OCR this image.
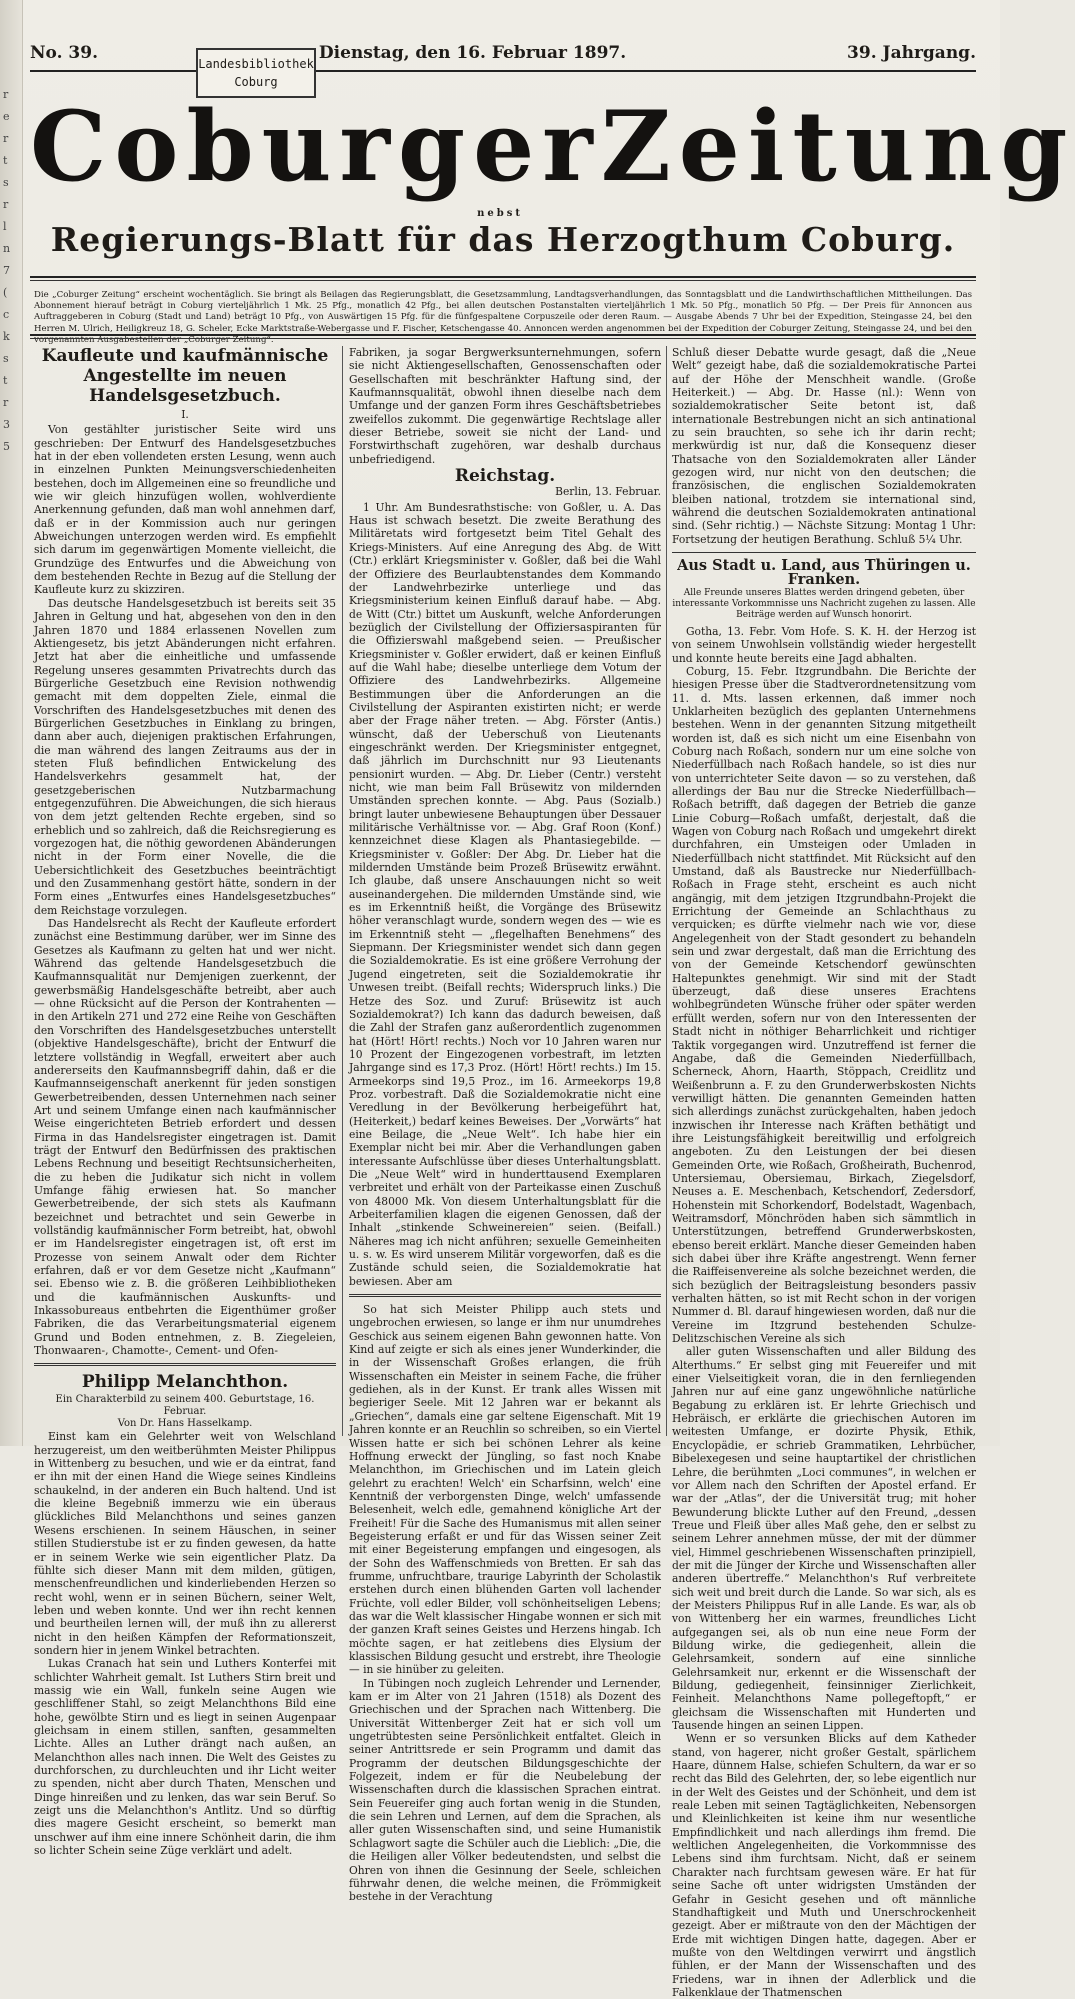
r
e
r
t
s
r
l
n
7
(
c
k
s
t
r
3
5
No. 39.	Dienstag, den 16. Februar 1897.	39. Jahrgang.
Landesbibliothek
Coburg
Coburger Zeitung
nebst
Regierungs-Blatt für das Herzogthum Coburg.
Die „Coburger Zeitung“ erscheint wochentäglich. Sie bringt als Beilagen das Regierungsblatt, die Gesetzsammlung, Landtagsverhandlungen, das Sonntagsblatt und die Landwirthschaftlichen Mittheilungen. Das Abonnement hierauf beträgt in Coburg vierteljährlich 1 Mk. 25 Pfg., monatlich 42 Pfg., bei allen deutschen Postanstalten vierteljährlich 1 Mk. 50 Pfg., monatlich 50 Pfg. — Der Preis für Annoncen aus Auftraggeberen in Coburg (Stadt und Land) beträgt 10 Pfg., von Auswärtigen 15 Pfg. für die fünfgespaltene Corpuszeile oder deren Raum. — Ausgabe Abends 7 Uhr bei der Expedition, Steingasse 24, bei den Herren M. Ulrich, Heiligkreuz 18, G. Scheler, Ecke Marktstraße-Webergasse und F. Fischer, Ketschengasse 40. Annoncen werden angenommen bei der Expedition der Coburger Zeitung, Steingasse 24, und bei den vorgenannten Ausgabestellen der „Coburger Zeitung“.
Kaufleute und kaufmännische Angestellte im neuen Handelsgesetzbuch.
I.

Von gestählter juristischer Seite wird uns geschrieben: Der Entwurf des Handelsgesetzbuches hat in der eben vollendeten ersten Lesung, wenn auch in einzelnen Punkten Meinungsverschiedenheiten bestehen, doch im Allgemeinen eine so freundliche und wie wir gleich hinzufügen wollen, wohlverdiente Anerkennung gefunden, daß man wohl annehmen darf, daß er in der Kommission auch nur geringen Abweichungen unterzogen werden wird. Es empfiehlt sich darum im gegenwärtigen Momente vielleicht, die Grundzüge des Entwurfes und die Abweichung von dem bestehenden Rechte in Bezug auf die Stellung der Kaufleute kurz zu skizziren.

Das deutsche Handelsgesetzbuch ist bereits seit 35 Jahren in Geltung und hat, abgesehen von den in den Jahren 1870 und 1884 erlassenen Novellen zum Aktiengesetz, bis jetzt Abänderungen nicht erfahren. Jetzt hat aber die einheitliche und umfassende Regelung unseres gesammten Privatrechts durch das Bürgerliche Gesetzbuch eine Revision nothwendig gemacht mit dem doppelten Ziele, einmal die Vorschriften des Handelsgesetzbuches mit denen des Bürgerlichen Gesetzbuches in Einklang zu bringen, dann aber auch, diejenigen praktischen Erfahrungen, die man während des langen Zeitraums aus der in steten Fluß befindlichen Entwickelung des Handelsverkehrs gesammelt hat, der gesetzgeberischen Nutzbarmachung entgegenzuführen. Die Abweichungen, die sich hieraus von dem jetzt geltenden Rechte ergeben, sind so erheblich und so zahlreich, daß die Reichsregierung es vorgezogen hat, die nöthig gewordenen Abänderungen nicht in der Form einer Novelle, die die Uebersichtlichkeit des Gesetzbuches beeinträchtigt und den Zusammenhang gestört hätte, sondern in der Form eines „Entwurfes eines Handelsgesetzbuches“ dem Reichstage vorzulegen.

Das Handelsrecht als Recht der Kaufleute erfordert zunächst eine Bestimmung darüber, wer im Sinne des Gesetzes als Kaufmann zu gelten hat und wer nicht. Während das geltende Handelsgesetzbuch die Kaufmannsqualität nur Demjenigen zuerkennt, der gewerbsmäßig Handelsgeschäfte betreibt, aber auch — ohne Rücksicht auf die Person der Kontrahenten — in den Artikeln 271 und 272 eine Reihe von Geschäften den Vorschriften des Handelsgesetzbuches unterstellt (objektive Handelsgeschäfte), bricht der Entwurf die letztere vollständig in Wegfall, erweitert aber auch andererseits den Kaufmannsbegriff dahin, daß er die Kaufmannseigenschaft anerkennt für jeden sonstigen Gewerbetreibenden, dessen Unternehmen nach seiner Art und seinem Umfange einen nach kaufmännischer Weise eingerichteten Betrieb erfordert und dessen Firma in das Handelsregister eingetragen ist. Damit trägt der Entwurf den Bedürfnissen des praktischen Lebens Rechnung und beseitigt Rechtsunsicherheiten, die zu heben die Judikatur sich nicht in vollem Umfange fähig erwiesen hat. So mancher Gewerbetreibende, der sich stets als Kaufmann bezeichnet und betrachtet und sein Gewerbe in vollständig kaufmännischer Form betreibt, hat, obwohl er im Handelsregister eingetragen ist, oft erst im Prozesse von seinem Anwalt oder dem Richter erfahren, daß er vor dem Gesetze nicht „Kaufmann“ sei. Ebenso wie z. B. die größeren Leihbibliotheken und die kaufmännischen Auskunfts- und Inkassobureaus entbehrten die Eigenthümer großer Fabriken, die das Verarbeitungsmaterial eigenem Grund und Boden entnehmen, z. B. Ziegeleien, Thonwaaren-, Chamotte-, Cement- und Ofen-

Philipp Melanchthon.
Ein Charakterbild zu seinem 400. Geburtstage, 16. Februar.
Von Dr. Hans Hasselkamp.

Einst kam ein Gelehrter weit von Welschland herzugereist, um den weitberühmten Meister Philippus in Wittenberg zu besuchen, und wie er da eintrat, fand er ihn mit der einen Hand die Wiege seines Kindleins schaukelnd, in der anderen ein Buch haltend. Und ist die kleine Begebniß immerzu wie ein überaus glückliches Bild Melanchthons und seines ganzen Wesens erschienen. In seinem Häuschen, in seiner stillen Studierstube ist er zu finden gewesen, da hatte er in seinem Werke wie sein eigentlicher Platz. Da fühlte sich dieser Mann mit dem milden, gütigen, menschenfreundlichen und kinderliebenden Herzen so recht wohl, wenn er in seinen Büchern, seiner Welt, leben und weben konnte. Und wer ihn recht kennen und beurtheilen lernen will, der muß ihn zu allererst nicht in den heißen Kämpfen der Reformationszeit, sondern hier in jenem Winkel betrachten.

Lukas Cranach hat sein und Luthers Konterfei mit schlichter Wahrheit gemalt. Ist Luthers Stirn breit und massig wie ein Wall, funkeln seine Augen wie geschliffener Stahl, so zeigt Melanchthons Bild eine hohe, gewölbte Stirn und es liegt in seinen Augenpaar gleichsam in einem stillen, sanften, gesammelten Lichte. Alles an Luther drängt nach außen, an Melanchthon alles nach innen. Die Welt des Geistes zu durchforschen, zu durchleuchten und ihr Licht weiter zu spenden, nicht aber durch Thaten, Menschen und Dinge hinreißen und zu lenken, das war sein Beruf. So zeigt uns die Melanchthon's Antlitz. Und so dürftig dies magere Gesicht erscheint, so bemerkt man unschwer auf ihm eine innere Schönheit darin, die ihm so lichter Schein seine Züge verklärt und adelt.

Fabriken, ja sogar Bergwerksunternehmungen, sofern sie nicht Aktiengesellschaften, Genossenschaften oder Gesellschaften mit beschränkter Haftung sind, der Kaufmannsqualität, obwohl ihnen dieselbe nach dem Umfange und der ganzen Form ihres Geschäftsbetriebes zweifellos zukommt. Die gegenwärtige Rechtslage aller dieser Betriebe, soweit sie nicht der Land- und Forstwirthschaft zugehören, war deshalb durchaus unbefriedigend.

Reichstag.
Berlin, 13. Februar.

1 Uhr. Am Bundesrathstische: von Goßler, u. A. Das Haus ist schwach besetzt. Die zweite Berathung des Militäretats wird fortgesetzt beim Titel Gehalt des Kriegs-Ministers. Auf eine Anregung des Abg. de Witt (Ctr.) erklärt Kriegsminister v. Goßler, daß bei die Wahl der Offiziere des Beurlaubtenstandes dem Kommando der Landwehrbezirke unterliege und das Kriegsministerium keinen Einfluß darauf habe. — Abg. de Witt (Ctr.) bittet um Auskunft, welche Anforderungen bezüglich der Civilstellung der Offiziersaspiranten für die Offizierswahl maßgebend seien. — Preußischer Kriegsminister v. Goßler erwidert, daß er keinen Einfluß auf die Wahl habe; dieselbe unterliege dem Votum der Offiziere des Landwehrbezirks. Allgemeine Bestimmungen über die Anforderungen an die Civilstellung der Aspiranten existirten nicht; er werde aber der Frage näher treten. — Abg. Förster (Antis.) wünscht, daß der Ueberschuß von Lieutenants eingeschränkt werden. Der Kriegsminister entgegnet, daß jährlich im Durchschnitt nur 93 Lieutenants pensionirt wurden. — Abg. Dr. Lieber (Centr.) versteht nicht, wie man beim Fall Brüsewitz von mildernden Umständen sprechen konnte. — Abg. Paus (Sozialb.) bringt lauter unbewiesene Behauptungen über Dessauer militärische Verhältnisse vor. — Abg. Graf Roon (Konf.) kennzeichnet diese Klagen als Phantasiegebilde. — Kriegsminister v. Goßler: Der Abg. Dr. Lieber hat die mildernden Umstände beim Prozeß Brüsewitz erwähnt. Ich glaube, daß unsere Anschauungen nicht so weit auseinandergehen. Die mildernden Umstände sind, wie es im Erkenntniß heißt, die Vorgänge des Brüsewitz höher veranschlagt wurde, sondern wegen des — wie es im Erkenntniß steht — „flegelhaften Benehmens“ des Siepmann. Der Kriegsminister wendet sich dann gegen die Sozialdemokratie. Es ist eine größere Verrohung der Jugend eingetreten, seit die Sozialdemokratie ihr Unwesen treibt. (Beifall rechts; Widerspruch links.) Die Hetze des Soz. und Zuruf: Brüsewitz ist auch Sozialdemokrat?) Ich kann das dadurch beweisen, daß die Zahl der Strafen ganz außerordentlich zugenommen hat (Hört! Hört! rechts.) Noch vor 10 Jahren waren nur 10 Prozent der Eingezogenen vorbestraft, im letzten Jahrgange sind es 17,3 Proz. (Hört! Hört! rechts.) Im 15. Armeekorps sind 19,5 Proz., im 16. Armeekorps 19,8 Proz. vorbestraft. Daß die Sozialdemokratie nicht eine Veredlung in der Bevölkerung herbeigeführt hat, (Heiterkeit,) bedarf keines Beweises. Der „Vorwärts“ hat eine Beilage, die „Neue Welt“. Ich habe hier ein Exemplar nicht bei mir. Aber die Verhandlungen gaben interessante Aufschlüsse über dieses Unterhaltungsblatt. Die „Neue Welt“ wird in hunderttausend Exemplaren verbreitet und erhält von der Parteikasse einen Zuschuß von 48000 Mk. Von diesem Unterhaltungsblatt für die Arbeiterfamilien klagen die eigenen Genossen, daß der Inhalt „stinkende Schweinereien“ seien. (Beifall.) Näheres mag ich nicht anführen; sexuelle Gemeinheiten u. s. w. Es wird unserem Militär vorgeworfen, daß es die Zustände schuld seien, die Sozialdemokratie hat bewiesen. Aber am

So hat sich Meister Philipp auch stets und ungebrochen erwiesen, so lange er ihm nur unumdrehes Geschick aus seinem eigenen Bahn gewonnen hatte. Von Kind auf zeigte er sich als eines jener Wunderkinder, die in der Wissenschaft Großes erlangen, die früh Wissenschaften ein Meister in seinem Fache, die früher gediehen, als in der Kunst. Er trank alles Wissen mit begieriger Seele. Mit 12 Jahren war er bekannt als „Griechen“, damals eine gar seltene Eigenschaft. Mit 19 Jahren konnte er an Reuchlin so schreiben, so ein Viertel Wissen hatte er sich bei schönen Lehrer als keine Hoffnung erweckt der Jüngling, so fast noch Knabe Melanchthon, im Griechischen und im Latein gleich gelehrt zu erachten! Welch' ein Scharfsinn, welch' eine Kenntniß der verborgensten Dinge, welch' umfassende Belesenheit, welch edle, gemahnend königliche Art der Freiheit! Für die Sache des Humanismus mit allen seiner Begeisterung erfaßt er und für das Wissen seiner Zeit mit einer Begeisterung empfangen und eingesogen, als der Sohn des Waffenschmieds von Bretten. Er sah das frumme, unfruchtbare, traurige Labyrinth der Scholastik erstehen durch einen blühenden Garten voll lachender Früchte, voll edler Bilder, voll schönheitseligen Lebens; das war die Welt klassischer Hingabe wonnen er sich mit der ganzen Kraft seines Geistes und Herzens hingab. Ich möchte sagen, er hat zeitlebens dies Elysium der klassischen Bildung gesucht und erstrebt, ihre Theologie — in sie hinüber zu geleiten.

In Tübingen noch zugleich Lehrender und Lernender, kam er im Alter von 21 Jahren (1518) als Dozent des Griechischen und der Sprachen nach Wittenberg. Die Universität Wittenberger Zeit hat er sich voll um ungetrübtesten seine Persönlichkeit entfaltet. Gleich in seiner Antrittsrede er sein Programm und damit das Programm der deutschen Bildungsgeschichte der Folgezeit, indem er für die Neubelebung der Wissenschaften durch die klassischen Sprachen eintrat. Sein Feuereifer ging auch fortan wenig in die Stunden, die sein Lehren und Lernen, auf dem die Sprachen, als aller guten Wissenschaften sind, und seine Humanistik Schlagwort sagte die Schüler auch die Lieblich: „Die, die die Heiligen aller Völker bedeutendsten, und selbst die Ohren von ihnen die Gesinnung der Seele, schleichen führwahr denen, die welche meinen, die Frömmigkeit bestehe in der Verachtung

Schluß dieser Debatte wurde gesagt, daß die „Neue Welt“ gezeigt habe, daß die sozialdemokratische Partei auf der Höhe der Menschheit wandle. (Große Heiterkeit.) — Abg. Dr. Hasse (nl.): Wenn von sozialdemokratischer Seite betont ist, daß internationale Bestrebungen nicht an sich antinational zu sein brauchten, so sehe ich ihr darin recht; merkwürdig ist nur, daß die Konsequenz dieser Thatsache von den Sozialdemokraten aller Länder gezogen wird, nur nicht von den deutschen; die französischen, die englischen Sozialdemokraten bleiben national, trotzdem sie international sind, während die deutschen Sozialdemokraten antinational sind. (Sehr richtig.) — Nächste Sitzung: Montag 1 Uhr: Fortsetzung der heutigen Berathung. Schluß 5¼ Uhr.

Aus Stadt u. Land, aus Thüringen u. Franken.
Alle Freunde unseres Blattes werden dringend gebeten, über interessante Vorkommnisse uns Nachricht zugehen zu lassen. Alle Beiträge werden auf Wunsch honorirt.

Gotha, 13. Febr. Vom Hofe. S. K. H. der Herzog ist von seinem Unwohlsein vollständig wieder hergestellt und konnte heute bereits eine Jagd abhalten.

Coburg, 15. Febr. Itzgrundbahn. Die Berichte der hiesigen Presse über die Stadtverordnetensitzung vom 11. d. Mts. lassen erkennen, daß immer noch Unklarheiten bezüglich des geplanten Unternehmens bestehen. Wenn in der genannten Sitzung mitgetheilt worden ist, daß es sich nicht um eine Eisenbahn von Coburg nach Roßach, sondern nur um eine solche von Niederfüllbach nach Roßach handele, so ist dies nur von unterrichteter Seite davon — so zu verstehen, daß allerdings der Bau nur die Strecke Niederfüllbach—Roßach betrifft, daß dagegen der Betrieb die ganze Linie Coburg—Roßach umfaßt, derjestalt, daß die Wagen von Coburg nach Roßach und umgekehrt direkt durchfahren, ein Umsteigen oder Umladen in Niederfüllbach nicht stattfindet. Mit Rücksicht auf den Umstand, daß als Baustrecke nur Niederfüllbach-Roßach in Frage steht, erscheint es auch nicht angängig, mit dem jetzigen Itzgrundbahn-Projekt die Errichtung der Gemeinde an Schlachthaus zu verquicken; es dürfte vielmehr nach wie vor, diese Angelegenheit von der Stadt gesondert zu behandeln sein und zwar dergestalt, daß man die Errichtung des von der Gemeinde Ketschendorf gewünschten Haltepunktes genehmigt. Wir sind mit der Stadt überzeugt, daß diese unseres Erachtens wohlbegründeten Wünsche früher oder später werden erfüllt werden, sofern nur von den Interessenten der Stadt nicht in nöthiger Beharrlichkeit und richtiger Taktik vorgegangen wird. Unzutreffend ist ferner die Angabe, daß die Gemeinden Niederfüllbach, Scherneck, Ahorn, Haarth, Stöppach, Creidlitz und Weißenbrunn a. F. zu den Grunderwerbskosten Nichts verwilligt hätten. Die genannten Gemeinden hatten sich allerdings zunächst zurückgehalten, haben jedoch inzwischen ihr Interesse nach Kräften bethätigt und ihre Leistungsfähigkeit bereitwillig und erfolgreich angeboten. Zu den Leistungen der bei diesen Gemeinden Orte, wie Roßach, Großheirath, Buchenrod, Untersiemau, Obersiemau, Birkach, Ziegelsdorf, Neuses a. E. Meschenbach, Ketschendorf, Zedersdorf, Hohenstein mit Schorkendorf, Bodelstadt, Wagenbach, Weitramsdorf, Mönchröden haben sich sämmtlich in Unterstützungen, betreffend Grunderwerbskosten, ebenso bereit erklärt. Manche dieser Gemeinden haben sich dabei über ihre Kräfte angestrengt. Wenn ferner die Raiffeisenvereine als solche bezeichnet werden, die sich bezüglich der Beitragsleistung besonders passiv verhalten hätten, so ist mit Recht schon in der vorigen Nummer d. Bl. darauf hingewiesen worden, daß nur die Vereine im Itzgrund bestehenden Schulze-Delitzschischen Vereine als sich

aller guten Wissenschaften und aller Bildung des Alterthums.“ Er selbst ging mit Feuereifer und mit einer Vielseitigkeit voran, die in den fernliegenden Jahren nur auf eine ganz ungewöhnliche natürliche Begabung zu erklären ist. Er lehrte Griechisch und Hebräisch, er erklärte die griechischen Autoren im weitesten Umfange, er dozirte Physik, Ethik, Encyclopädie, er schrieb Grammatiken, Lehrbücher, Bibelexegesen und seine hauptartikel der christlichen Lehre, die berühmten „Loci communes“, in welchen er vor Allem nach den Schriften der Apostel erfand. Er war der „Atlas“, der die Universität trug; mit hoher Bewunderung blickte Luther auf den Freund, „dessen Treue und Fleiß über alles Maß gehe, den er selbst zu seinem Lehrer annehmen müsse, der mit der dümmer viel, Himmel geschriebenen Wissenschaften prinzipiell, der mit die Jünger der Kirche und Wissenschaften aller anderen übertreffe.“ Melanchthon's Ruf verbreitete sich weit und breit durch die Lande. So war sich, als es der Meisters Philippus Ruf in alle Lande. Es war, als ob von Wittenberg her ein warmes, freundliches Licht aufgegangen sei, als ob nun eine neue Form der Bildung wirke, die gediegenheit, allein die Gelehrsamkeit, sondern auf eine sinnliche Gelehrsamkeit nur, erkennt er die Wissenschaft der Bildung, gediegenheit, feinsinniger Zierlichkeit, Feinheit. Melanchthons Name pollegeftopft,“ er gleichsam die Wissenschaften mit Hunderten und Tausende hingen an seinen Lippen.

Wenn er so versunken Blicks auf dem Katheder stand, von hagerer, nicht großer Gestalt, spärlichem Haare, dünnem Halse, schiefen Schultern, da war er so recht das Bild des Gelehrten, der, so lebe eigentlich nur in der Welt des Geistes und der Schönheit, und dem ist reale Leben mit seinen Tagtäglichkeiten, Nebensorgen und Kleinlichkeiten ist keine ihm nur wesentliche Empfindlichkeit und nach allerdings ihm fremd. Die weltlichen Angelegenheiten, die Vorkommnisse des Lebens sind ihm furchtsam. Nicht, daß er seinem Charakter nach furchtsam gewesen wäre. Er hat für seine Sache oft unter widrigsten Umständen der Gefahr in Gesicht gesehen und oft männliche Standhaftigkeit und Muth und Unerschrockenheit gezeigt. Aber er mißtraute von den der Mächtigen der Erde mit wichtigen Dingen hatte, dagegen. Aber er mußte von den Weltdingen verwirrt und ängstlich fühlen, er der Mann der Wissenschaften und des Friedens, war in ihnen der Adlerblick und die Falkenklaue der Thatmenschen
